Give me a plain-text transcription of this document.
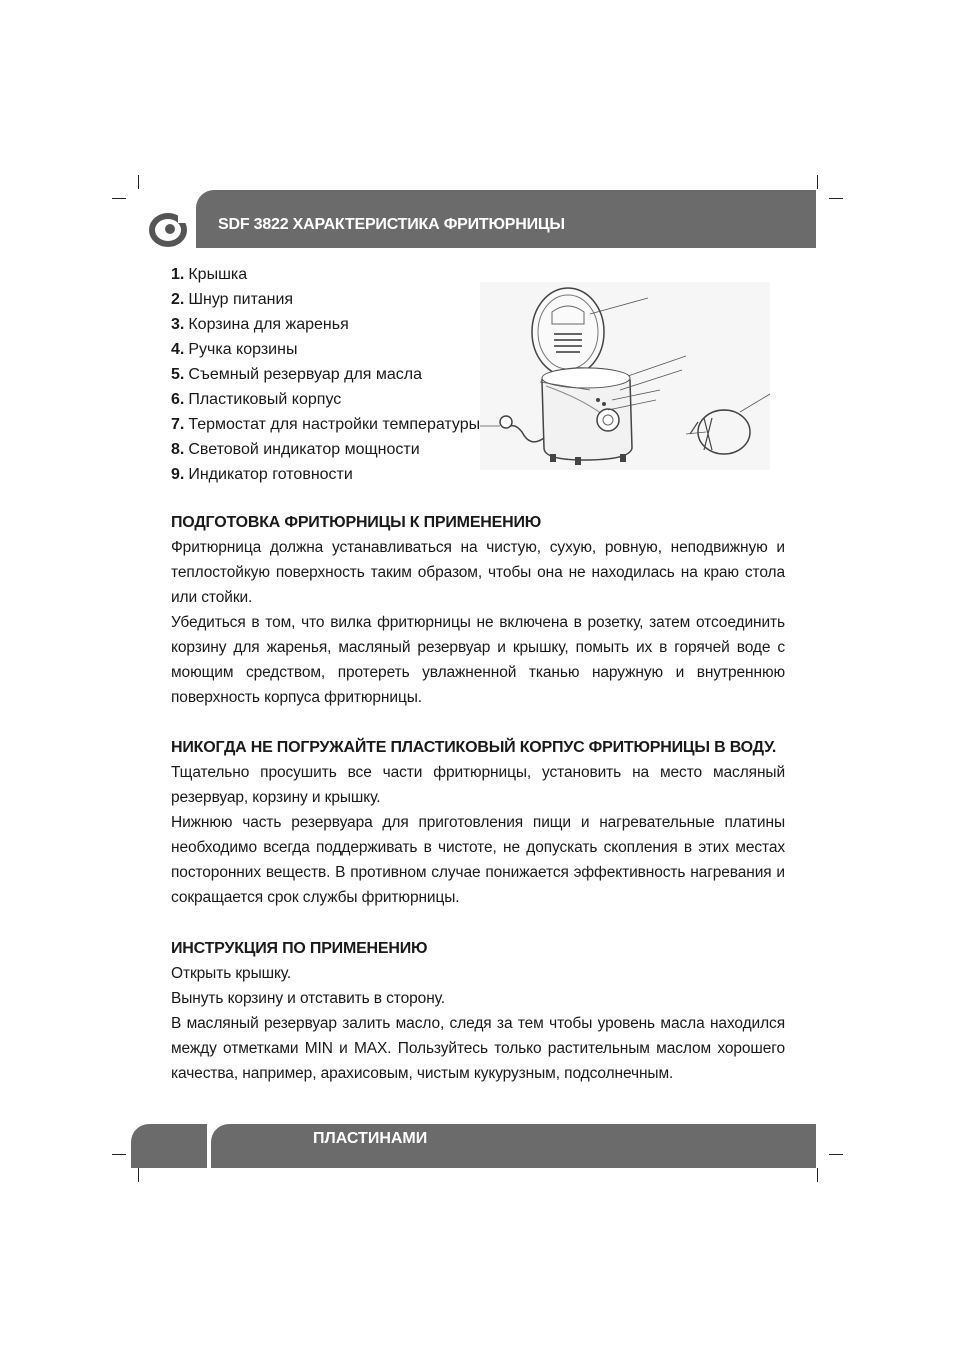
SDF 3822 ХАРАКТЕРИСТИКА ФРИТЮРНИЦЫ
1. Крышка
2. Шнур питания
3. Корзина для жаренья
4. Ручка корзины
5. Съемный резервуар для масла
6. Пластиковый корпус
7. Термостат для настройки температуры
8. Световой индикатор мощности
9. Индикатор готовности
ПОДГОТОВКА ФРИТЮРНИЦЫ К ПРИМЕНЕНИЮ

Фритюрница должна устанавливаться на чистую, сухую, ровную, неподвижную и теплостойкую поверхность таким образом, чтобы она не находилась на краю стола или стойки.

Убедиться в том, что вилка фритюрницы не включена в розетку, затем отсоединить корзину для жаренья, масляный резервуар и крышку, помыть их в горячей воде с моющим средством, протереть увлажненной тканью наружную и внутреннюю поверхность корпуса фритюрницы.

НИКОГДА НЕ ПОГРУЖАЙТЕ ПЛАСТИКОВЫЙ КОРПУС ФРИТЮРНИЦЫ В ВОДУ.

Тщательно просушить все части фритюрницы, установить на место масляный резервуар, корзину и крышку.

Нижнюю часть резервуара для приготовления пищи и нагревательные платины необходимо всегда поддерживать в чистоте, не допускать скопления в этих местах посторонних веществ. В противном случае понижается эффективность нагревания и сокращается срок службы фритюрницы.

ИНСТРУКЦИЯ ПО ПРИМЕНЕНИЮ

Открыть крышку.

Вынуть корзину и отставить в сторону.

В масляный резервуар залить масло, следя за тем чтобы уровень масла находился между отметками MIN и MAX. Пользуйтесь только растительным маслом хорошего качества, например, арахисовым, чистым кукурузным, подсолнечным.

ПЛАСТИНАМИ
